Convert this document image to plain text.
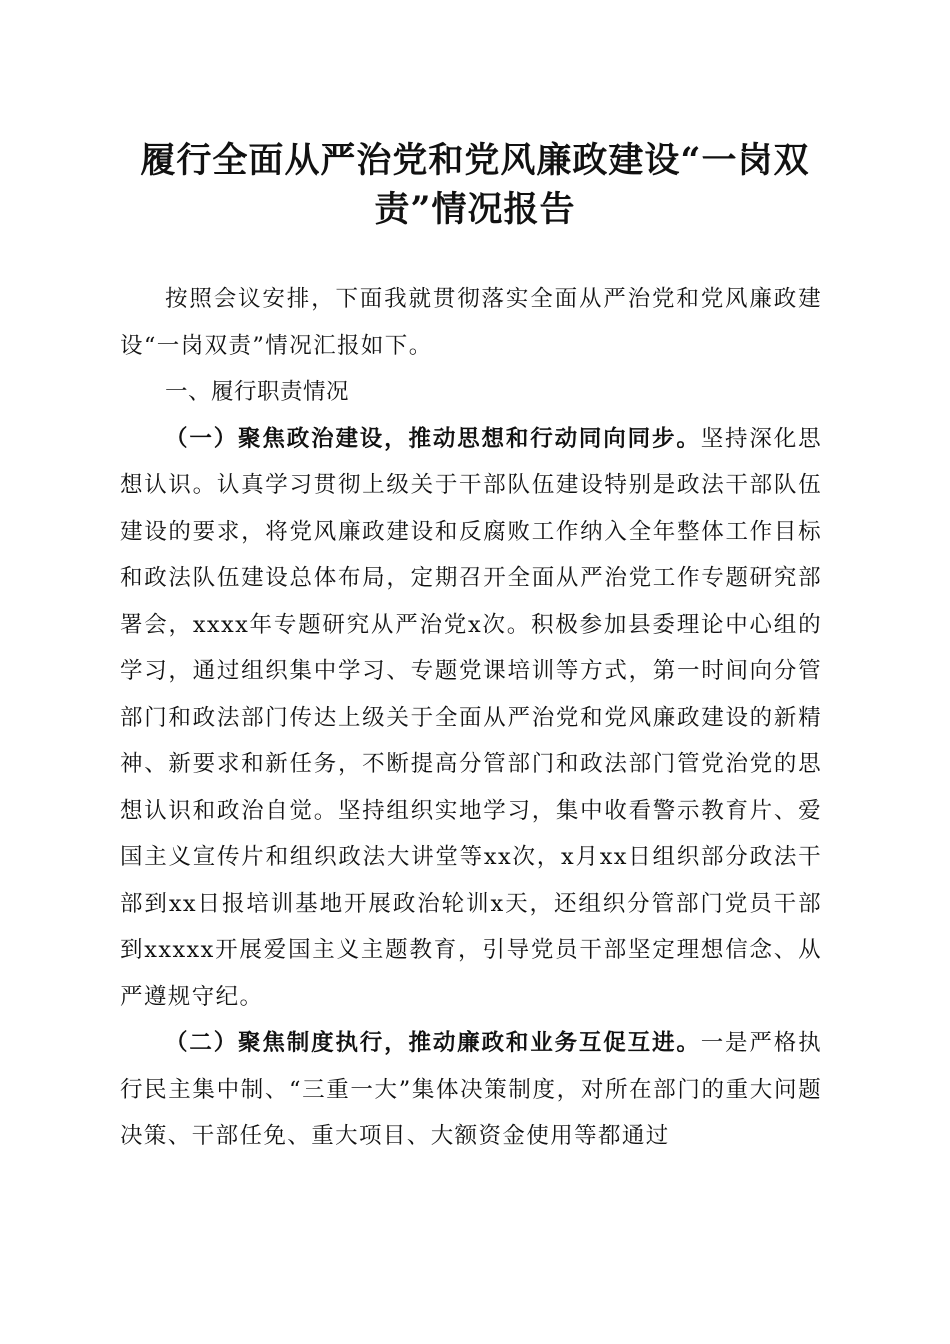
履行全面从严治党和党风廉政建设“一岗双责”情况报告

按照会议安排，下面我就贯彻落实全面从严治党和党风廉政建设“一岗双责”情况汇报如下。

一、履行职责情况

（一）聚焦政治建设，推动思想和行动同向同步。坚持深化思想认识。认真学习贯彻上级关于干部队伍建设特别是政法干部队伍建设的要求，将党风廉政建设和反腐败工作纳入全年整体工作目标和政法队伍建设总体布局，定期召开全面从严治党工作专题研究部署会，xxxx年专题研究从严治党x次。积极参加县委理论中心组的学习，通过组织集中学习、专题党课培训等方式，第一时间向分管部门和政法部门传达上级关于全面从严治党和党风廉政建设的新精神、新要求和新任务，不断提高分管部门和政法部门管党治党的思想认识和政治自觉。坚持组织实地学习，集中收看警示教育片、爱国主义宣传片和组织政法大讲堂等xx次，x月xx日组织部分政法干部到xx日报培训基地开展政治轮训x天，还组织分管部门党员干部到xxxxx开展爱国主义主题教育，引导党员干部坚定理想信念、从严遵规守纪。

（二）聚焦制度执行，推动廉政和业务互促互进。一是严格执行民主集中制、“三重一大”集体决策制度，对所在部门的重大问题决策、干部任免、重大项目、大额资金使用等都通过
